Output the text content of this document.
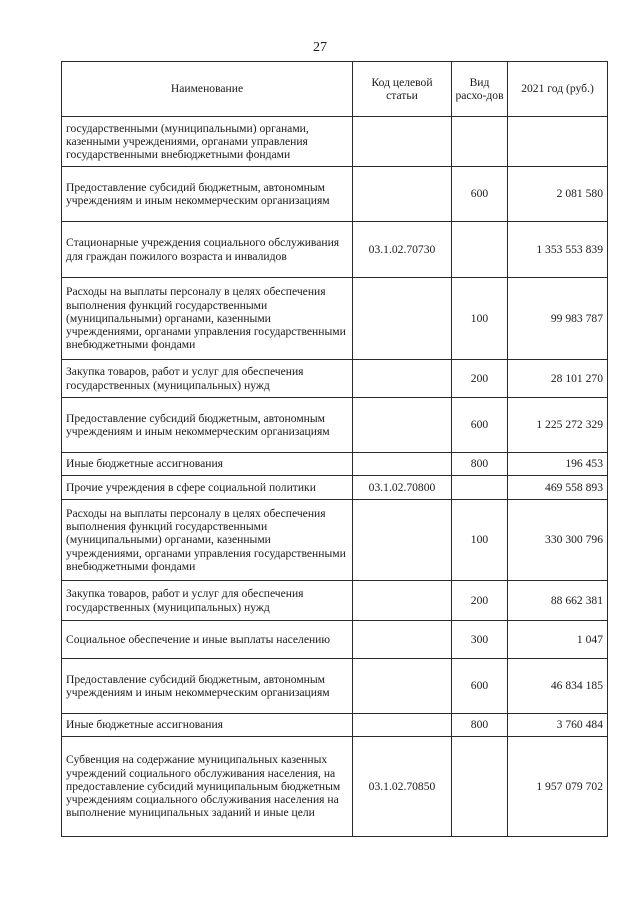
27
Наименование	Код целевой статьи	Вид расхо-дов	2021 год (руб.)
государственными (муниципальными) органами, казенными учреждениями, органами управления государственными внебюджетными фондами			
Предоставление субсидий бюджетным, автономным учреждениям и иным некоммерческим организациям		600	2 081 580
Стационарные учреждения социального обслуживания для граждан пожилого возраста и инвалидов	03.1.02.70730		1 353 553 839
Расходы на выплаты персоналу в целях обеспечения выполнения функций государственными (муниципальными) органами, казенными учреждениями, органами управления государственными внебюджетными фондами		100	99 983 787
Закупка товаров, работ и услуг для обеспечения государственных (муниципальных) нужд		200	28 101 270
Предоставление субсидий бюджетным, автономным учреждениям и иным некоммерческим организациям		600	1 225 272 329
Иные бюджетные ассигнования		800	196 453
Прочие учреждения в сфере социальной политики	03.1.02.70800		469 558 893
Расходы на выплаты персоналу в целях обеспечения выполнения функций государственными (муниципальными) органами, казенными учреждениями, органами управления государственными внебюджетными фондами		100	330 300 796
Закупка товаров, работ и услуг для обеспечения государственных (муниципальных) нужд		200	88 662 381
Социальное обеспечение и иные выплаты населению		300	1 047
Предоставление субсидий бюджетным, автономным учреждениям и иным некоммерческим организациям		600	46 834 185
Иные бюджетные ассигнования		800	3 760 484
Субвенция на содержание муниципальных казенных учреждений социального обслуживания населения, на предоставление субсидий муниципальным бюджетным учреждениям социального обслуживания населения на выполнение муниципальных заданий и иные цели	03.1.02.70850		1 957 079 702
